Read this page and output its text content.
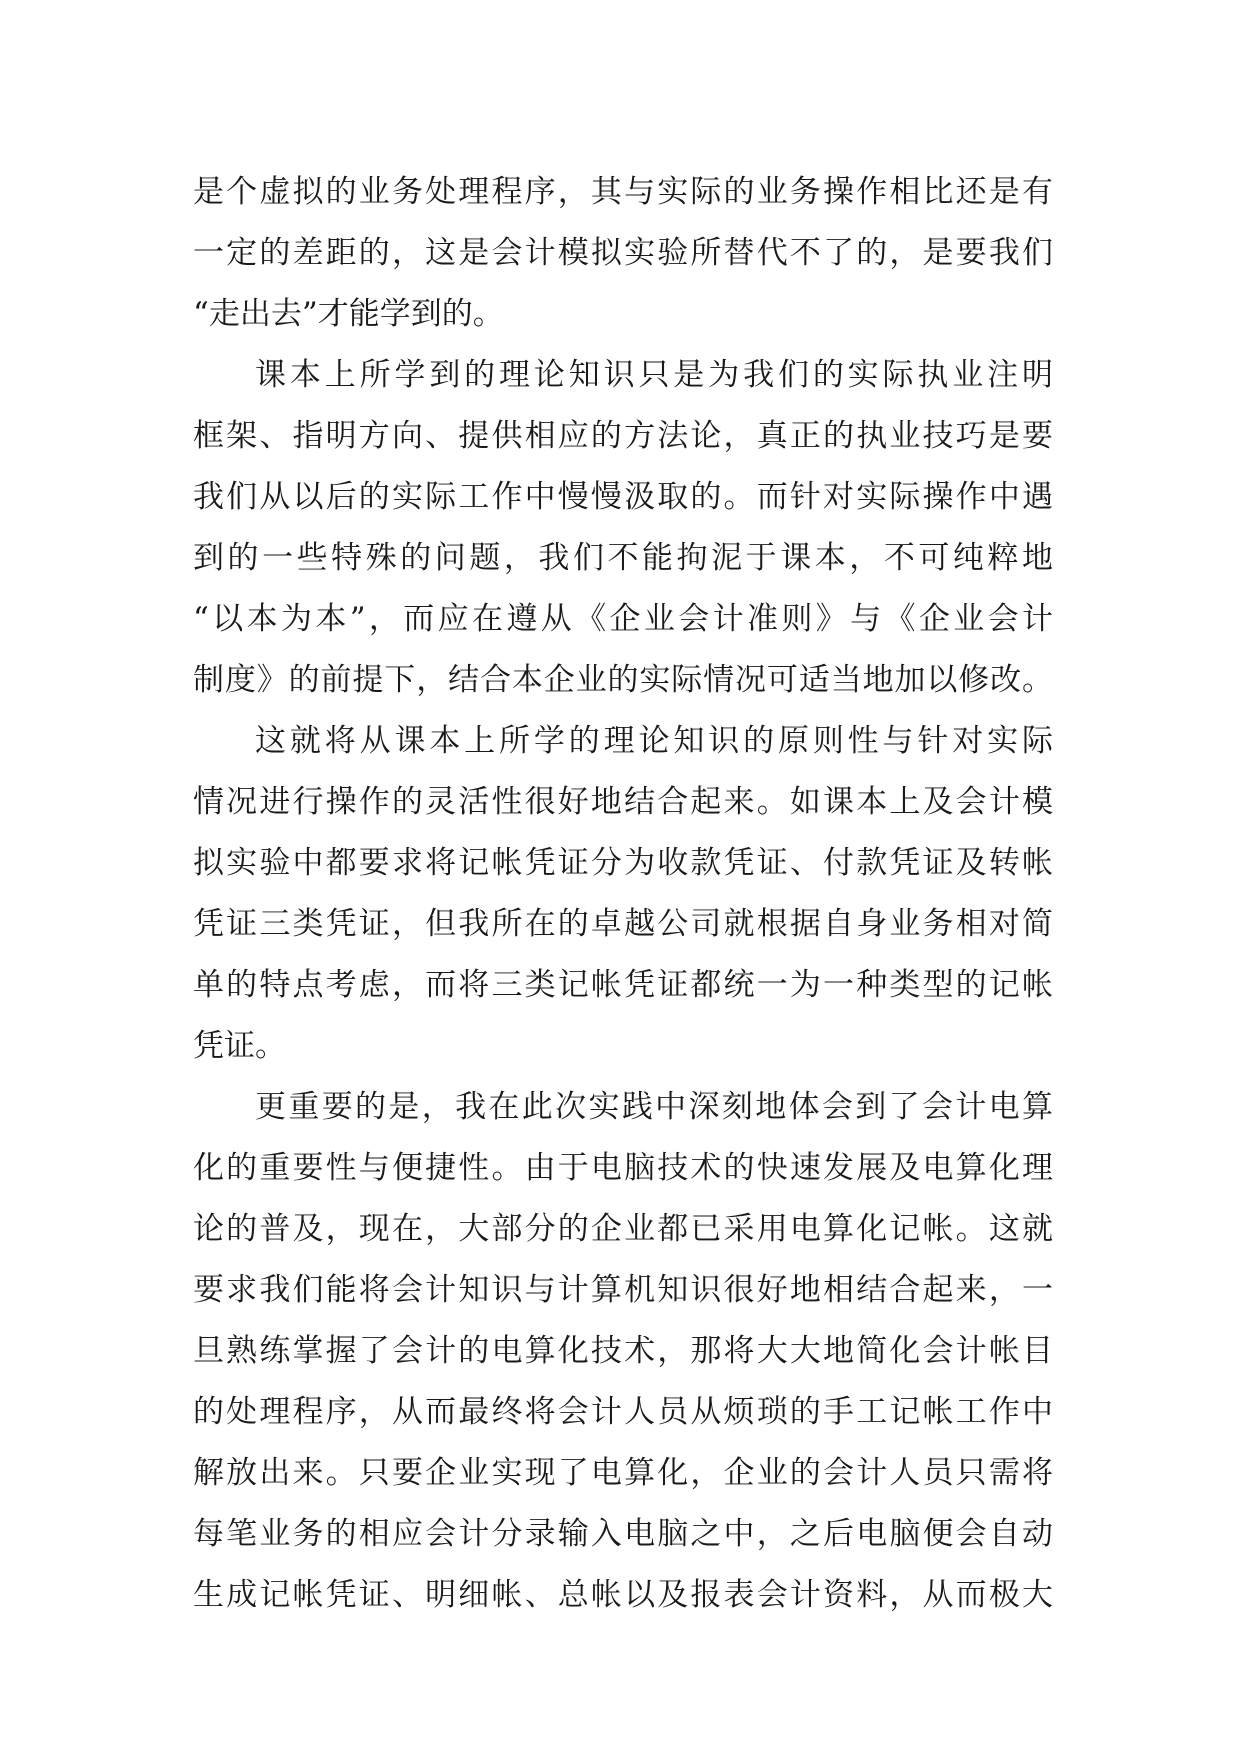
是个虚拟的业务处理程序，其与实际的业务操作相比还是有
一定的差距的，这是会计模拟实验所替代不了的，是要我们
“走出去”才能学到的。
课本上所学到的理论知识只是为我们的实际执业注明
框架、指明方向、提供相应的方法论，真正的执业技巧是要
我们从以后的实际工作中慢慢汲取的。而针对实际操作中遇
到的一些特殊的问题，我们不能拘泥于课本，不可纯粹地
“以本为本”，而应在遵从《企业会计准则》与《企业会计
制度》的前提下，结合本企业的实际情况可适当地加以修改。
这就将从课本上所学的理论知识的原则性与针对实际
情况进行操作的灵活性很好地结合起来。如课本上及会计模
拟实验中都要求将记帐凭证分为收款凭证、付款凭证及转帐
凭证三类凭证，但我所在的卓越公司就根据自身业务相对简
单的特点考虑，而将三类记帐凭证都统一为一种类型的记帐
凭证。
更重要的是，我在此次实践中深刻地体会到了会计电算
化的重要性与便捷性。由于电脑技术的快速发展及电算化理
论的普及，现在，大部分的企业都已采用电算化记帐。这就
要求我们能将会计知识与计算机知识很好地相结合起来，一
旦熟练掌握了会计的电算化技术，那将大大地简化会计帐目
的处理程序，从而最终将会计人员从烦琐的手工记帐工作中
解放出来。只要企业实现了电算化，企业的会计人员只需将
每笔业务的相应会计分录输入电脑之中，之后电脑便会自动
生成记帐凭证、明细帐、总帐以及报表会计资料，从而极大
